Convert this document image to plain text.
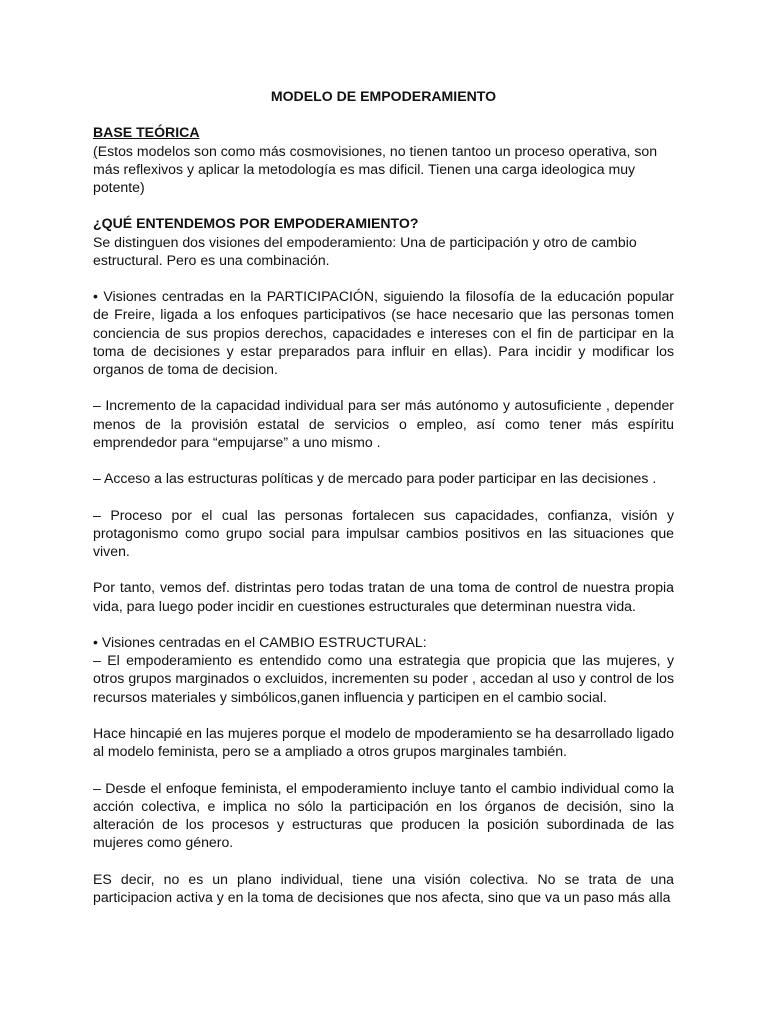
MODELO DE EMPODERAMIENTO
BASE TEÓRICA
(Estos modelos son como más cosmovisiones, no tienen tantoo un proceso operativa, son más reflexivos y aplicar la metodología es mas dificil. Tienen una carga ideologica muy potente)
¿QUÉ ENTENDEMOS POR EMPODERAMIENTO?
Se distinguen dos visiones del empoderamiento: Una de participación y otro de cambio estructural. Pero es una combinación.
• Visiones centradas en la PARTICIPACIÓN, siguiendo la filosofía de la educación popular de Freire, ligada a los enfoques participativos (se hace necesario que las personas tomen conciencia de sus propios derechos, capacidades e intereses con el fin de participar en la toma de decisiones y estar preparados para influir en ellas). Para incidir y modificar los organos de toma de decision.
– Incremento de la capacidad individual para ser más autónomo y autosuficiente , depender menos de la provisión estatal de servicios o empleo, así como tener más espíritu emprendedor para “empujarse” a uno mismo .
– Acceso a las estructuras políticas y de mercado para poder participar en las decisiones .
– Proceso por el cual las personas fortalecen sus capacidades, confianza, visión y protagonismo como grupo social para impulsar cambios positivos en las situaciones que viven.
Por tanto, vemos def. distrintas pero todas tratan de una toma de control de nuestra propia vida, para luego poder incidir en cuestiones estructurales que determinan nuestra vida.
• Visiones centradas en el CAMBIO ESTRUCTURAL:
– El empoderamiento es entendido como una estrategia que propicia que las mujeres, y otros grupos marginados o excluidos, incrementen su poder , accedan al uso y control de los recursos materiales y simbólicos,ganen influencia y participen en el cambio social.
Hace hincapié en las mujeres porque el modelo de mpoderamiento se ha desarrollado ligado al modelo feminista, pero se a ampliado a otros grupos marginales también.
– Desde el enfoque feminista, el empoderamiento incluye tanto el cambio individual como la acción colectiva, e implica no sólo la participación en los órganos de decisión, sino la alteración de los procesos y estructuras que producen la posición subordinada de las mujeres como género.
ES decir, no es un plano individual, tiene una visión colectiva. No se trata de una participacion activa y en la toma de decisiones que nos afecta, sino que va un paso más alla
